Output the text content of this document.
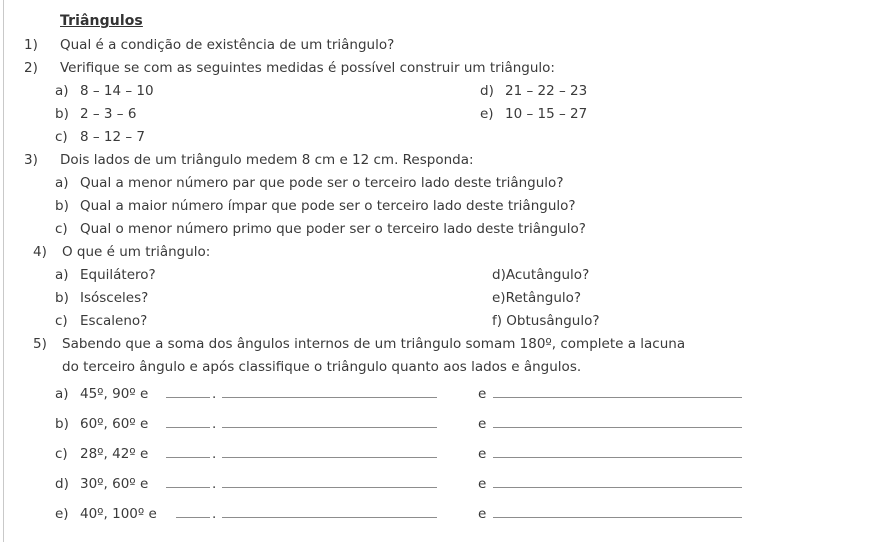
Triângulos
1) Qual é a condição de existência de um triângulo?
2) Verifique se com as seguintes medidas é possível construir um triângulo:
a) 8 – 14 – 10	d) 21 – 22 – 23
b) 2 – 3 – 6	e) 10 – 15 – 27
c) 8 – 12 – 7
3) Dois lados de um triângulo medem 8 cm e 12 cm. Responda:
a) Qual a menor número par que pode ser o terceiro lado deste triângulo?
b) Qual a maior número ímpar que pode ser o terceiro lado deste triângulo?
c) Qual o menor número primo que poder ser o terceiro lado deste triângulo?
4) O que é um triângulo:
a) Equilátero?	d)Acutângulo?
b) Isósceles?	e)Retângulo?
c) Escaleno?	f) Obtusângulo?
5) Sabendo que a soma dos ângulos internos de um triângulo somam 180º, complete a lacuna
do terceiro ângulo e após classifique o triângulo quanto aos lados e ângulos.
a) 45º, 90º e	.	e
b) 60º, 60º e	.	e
c) 28º, 42º e	.	e
d) 30º, 60º e	.	e
e) 40º, 100º e	.	e
